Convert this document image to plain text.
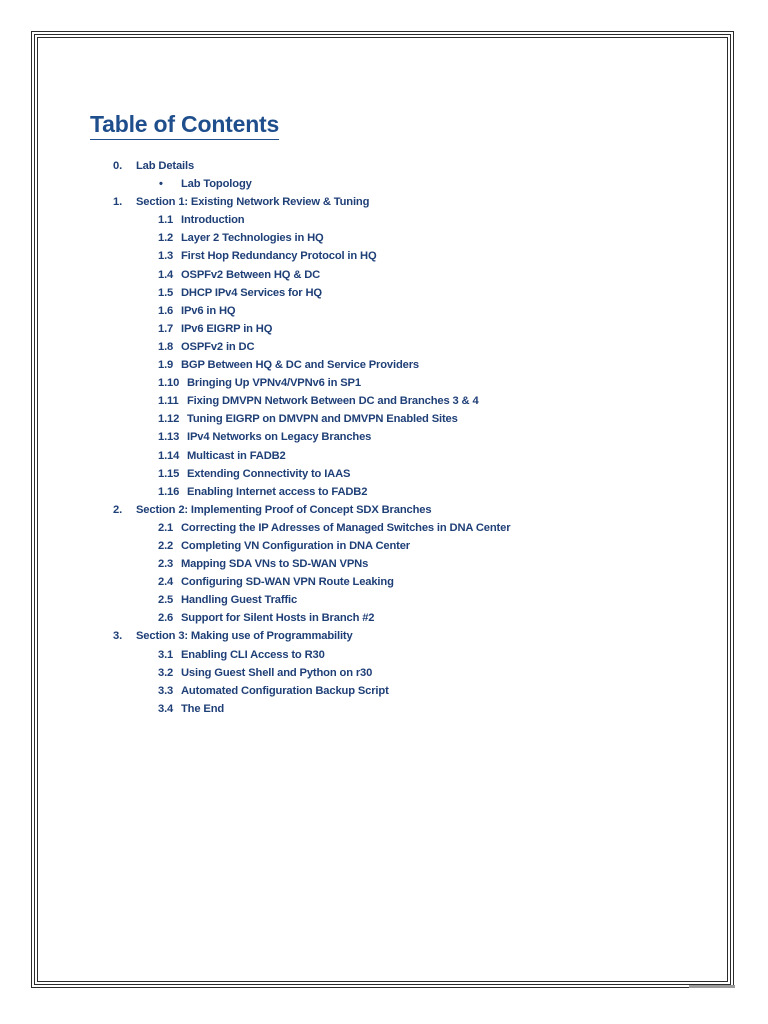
Table of Contents
0. Lab Details
• Lab Topology
1. Section 1: Existing Network Review & Tuning
1.1 Introduction
1.2 Layer 2 Technologies in HQ
1.3 First Hop Redundancy Protocol in HQ
1.4 OSPFv2 Between HQ & DC
1.5 DHCP IPv4 Services for HQ
1.6 IPv6 in HQ
1.7 IPv6 EIGRP in HQ
1.8 OSPFv2 in DC
1.9 BGP Between HQ & DC and Service Providers
1.10 Bringing Up VPNv4/VPNv6 in SP1
1.11 Fixing DMVPN Network Between DC and Branches 3 & 4
1.12 Tuning EIGRP on DMVPN and DMVPN Enabled Sites
1.13 IPv4 Networks on Legacy Branches
1.14 Multicast in FADB2
1.15 Extending Connectivity to IAAS
1.16 Enabling Internet access to FADB2
2. Section 2: Implementing Proof of Concept SDX Branches
2.1 Correcting the IP Adresses of Managed Switches in DNA Center
2.2 Completing VN Configuration in DNA Center
2.3 Mapping SDA VNs to SD-WAN VPNs
2.4 Configuring SD-WAN VPN Route Leaking
2.5 Handling Guest Traffic
2.6 Support for Silent Hosts in Branch #2
3. Section 3: Making use of Programmability
3.1 Enabling CLI Access to R30
3.2 Using Guest Shell and Python on r30
3.3 Automated Configuration Backup Script
3.4 The End
